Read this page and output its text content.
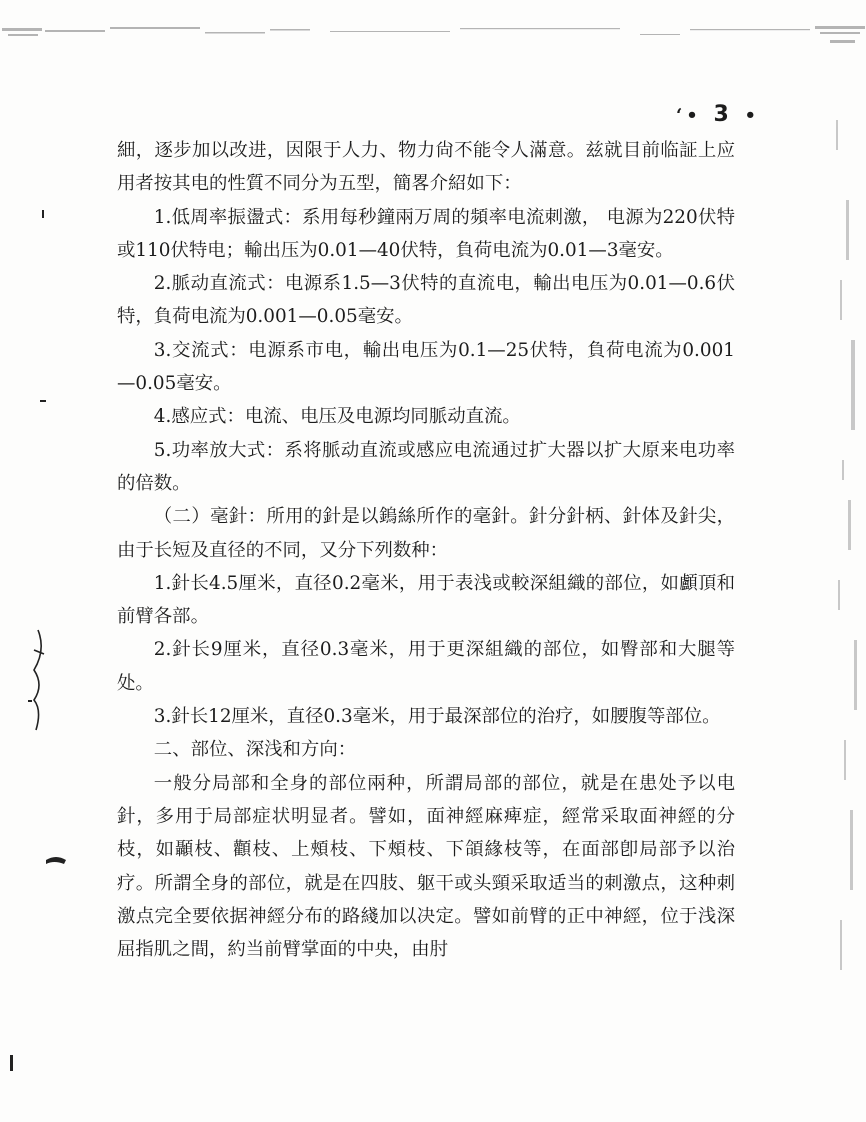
‘• 3 •

細，逐步加以改进，因限于人力、物力尙不能令人滿意。兹就目前临証上应用者按其电的性質不同分为五型，簡畧介紹如下：

1.低周率振盪式：系用每秒鐘兩万周的頻率电流刺激， 电源为220伏特或110伏特电；輸出压为0.01—40伏特，負荷电流为0.01—3毫安。

2.脈动直流式：电源系1.5—3伏特的直流电，輸出电压为0.01—0.6伏特，負荷电流为0.001—0.05毫安。

3.交流式：电源系市电，輸出电压为0.1—25伏特，負荷电流为0.001—0.05毫安。

4.感应式：电流、电压及电源均同脈动直流。

5.功率放大式：系将脈动直流或感应电流通过扩大器以扩大原来电功率的倍数。

（二）毫針：所用的針是以鎢絲所作的毫針。針分針柄、針体及針尖，由于长短及直径的不同，又分下列数种：

1.針长4.5厘米，直径0.2毫米，用于表浅或較深組織的部位，如顱頂和前臂各部。

2.針长9厘米，直径0.3毫米，用于更深組織的部位，如臀部和大腿等处。

3.針长12厘米，直径0.3毫米，用于最深部位的治疗，如腰腹等部位。

二、部位、深浅和方向：

一般分局部和全身的部位兩种，所謂局部的部位，就是在患处予以电針，多用于局部症状明显者。譬如，面神經麻痺症，經常采取面神經的分枝，如顳枝、顴枝、上頰枝、下頰枝、下頜緣枝等，在面部卽局部予以治疗。所謂全身的部位，就是在四肢、躯干或头頸采取适当的刺激点，这种刺激点完全要依据神經分布的路綫加以决定。譬如前臂的正中神經，位于浅深屈指肌之間，約当前臂掌面的中央，由肘
